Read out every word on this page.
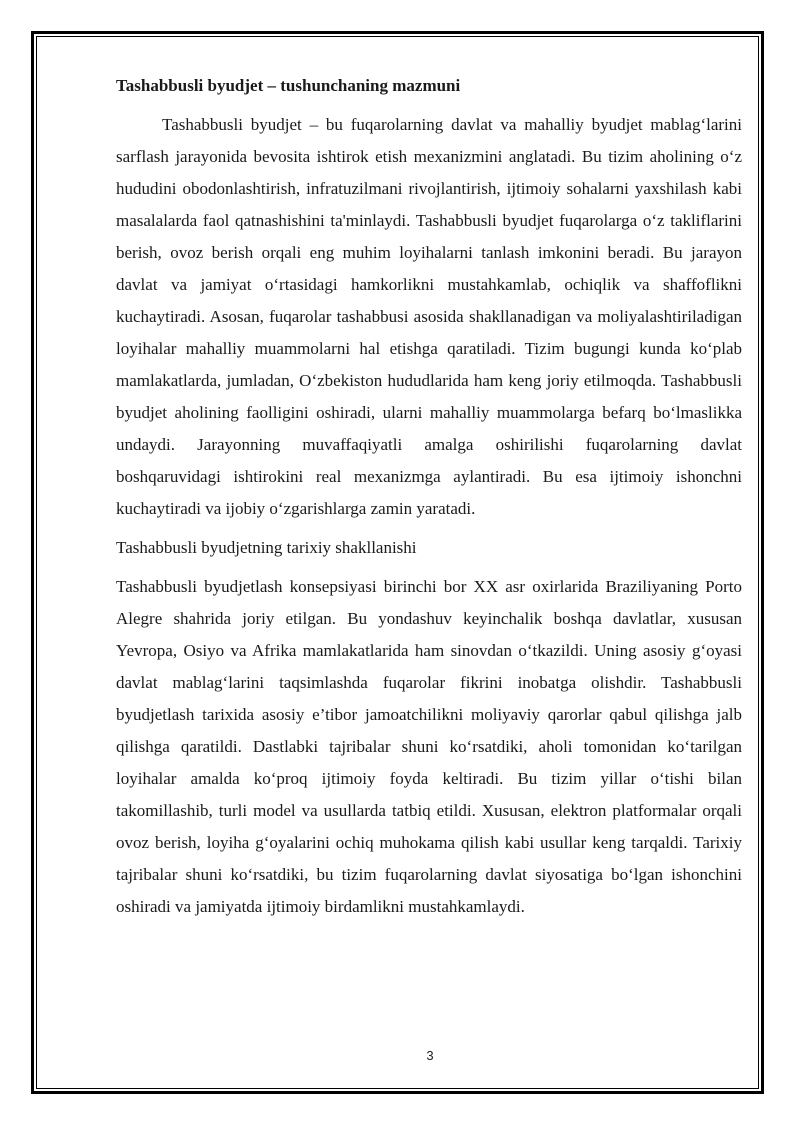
Tashabbusli byudjet – tushunchaning mazmuni

Tashabbusli byudjet – bu fuqarolarning davlat va mahalliy byudjet mablag‘larini sarflash jarayonida bevosita ishtirok etish mexanizmini anglatadi. Bu tizim aholining o‘z hududini obodonlashtirish, infratuzilmani rivojlantirish, ijtimoiy sohalarni yaxshilash kabi masalalarda faol qatnashishini ta'minlaydi. Tashabbusli byudjet fuqarolarga o‘z takliflarini berish, ovoz berish orqali eng muhim loyihalarni tanlash imkonini beradi. Bu jarayon davlat va jamiyat o‘rtasidagi hamkorlikni mustahkamlab, ochiqlik va shaffoflikni kuchaytiradi. Asosan, fuqarolar tashabbusi asosida shakllanadigan va moliyalashtiriladigan loyihalar mahalliy muammolarni hal etishga qaratiladi. Tizim bugungi kunda ko‘plab mamlakatlarda, jumladan, O‘zbekiston hududlarida ham keng joriy etilmoqda. Tashabbusli byudjet aholining faolligini oshiradi, ularni mahalliy muammolarga befarq bo‘lmaslikka undaydi. Jarayonning muvaffaqiyatli amalga oshirilishi fuqarolarning davlat boshqaruvidagi ishtirokini real mexanizmga aylantiradi. Bu esa ijtimoiy ishonchni kuchaytiradi va ijobiy o‘zgarishlarga zamin yaratadi.

Tashabbusli byudjetning tarixiy shakllanishi

Tashabbusli byudjetlash konsepsiyasi birinchi bor XX asr oxirlarida Braziliyaning Porto Alegre shahrida joriy etilgan. Bu yondashuv keyinchalik boshqa davlatlar, xususan Yevropa, Osiyo va Afrika mamlakatlarida ham sinovdan o‘tkazildi. Uning asosiy g‘oyasi davlat mablag‘larini taqsimlashda fuqarolar fikrini inobatga olishdir. Tashabbusli byudjetlash tarixida asosiy e’tibor jamoatchilikni moliyaviy qarorlar qabul qilishga jalb qilishga qaratildi. Dastlabki tajribalar shuni ko‘rsatdiki, aholi tomonidan ko‘tarilgan loyihalar amalda ko‘proq ijtimoiy foyda keltiradi. Bu tizim yillar o‘tishi bilan takomillashib, turli model va usullarda tatbiq etildi. Xususan, elektron platformalar orqali ovoz berish, loyiha g‘oyalarini ochiq muhokama qilish kabi usullar keng tarqaldi. Tarixiy tajribalar shuni ko‘rsatdiki, bu tizim fuqarolarning davlat siyosatiga bo‘lgan ishonchini oshiradi va jamiyatda ijtimoiy birdamlikni mustahkamlaydi.

3
